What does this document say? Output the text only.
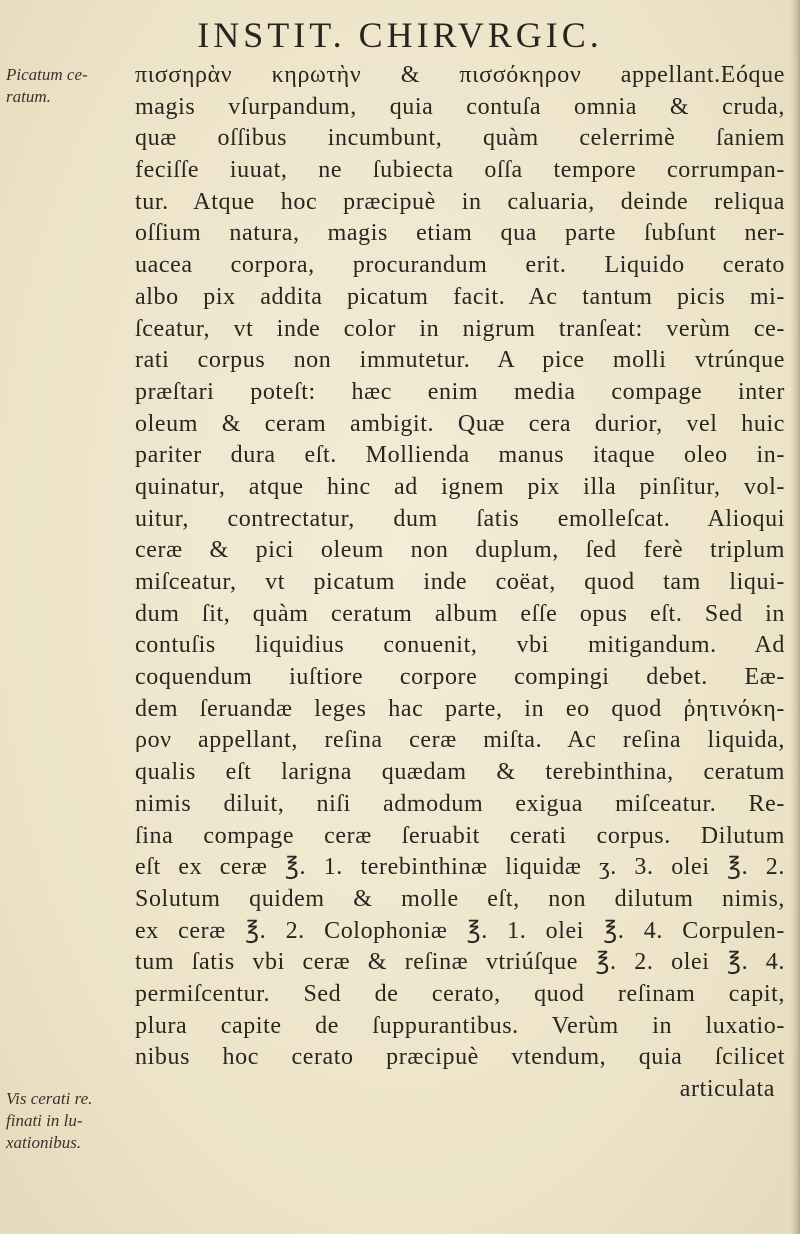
INSTIT. CHIRVRGIC.
Picatum ce-
ratum.
Vis cerati re.
finati in lu-
xationibus.
πισσηρὰν κηρωτὴν & πισσόκηρον appellant.Eóque
magis vſurpandum, quia contuſa omnia & cruda,
quæ oſſibus incumbunt, quàm celerrimè ſaniem
feciſſe iuuat, ne ſubiecta oſſa tempore corrumpan-
tur. Atque hoc præcipuè in caluaria, deinde reliqua
oſſium natura, magis etiam qua parte ſubſunt ner-
uacea corpora, procurandum erit. Liquido cerato
albo pix addita picatum facit. Ac tantum picis mi-
ſceatur, vt inde color in nigrum tranſeat: verùm ce-
rati corpus non immutetur. A pice molli vtrúnque
præſtari poteſt: hæc enim media compage inter
oleum & ceram ambigit. Quæ cera durior, vel huic
pariter dura eſt. Mollienda manus itaque oleo in-
quinatur, atque hinc ad ignem pix illa pinſitur, vol-
uitur, contrectatur, dum ſatis emolleſcat. Alioqui
ceræ & pici oleum non duplum, ſed ferè triplum
miſceatur, vt picatum inde coëat, quod tam liqui-
dum ſit, quàm ceratum album eſſe opus eſt. Sed in
contuſis liquidius conuenit, vbi mitigandum. Ad
coquendum iuſtiore corpore compingi debet. Eæ-
dem ſeruandæ leges hac parte, in eo quod ῥητινόκη-
ρον appellant, reſina ceræ miſta. Ac reſina liquida,
qualis eſt larigna quædam & terebinthina, ceratum
nimis diluit, niſi admodum exigua miſceatur. Re-
ſina compage ceræ ſeruabit cerati corpus. Dilutum
eſt ex ceræ ℥. 1. terebinthinæ liquidæ ʒ. 3. olei ℥. 2.
Solutum quidem & molle eſt, non dilutum nimis,
ex ceræ ℥. 2. Colophoniæ ℥. 1. olei ℥. 4. Corpulen-
tum ſatis vbi ceræ & reſinæ vtriúſque ℥. 2. olei ℥. 4.
permiſcentur. Sed de cerato, quod reſinam capit,
plura capite de ſuppurantibus. Verùm in luxatio-
nibus hoc cerato præcipuè vtendum, quia ſcilicet
articulata
